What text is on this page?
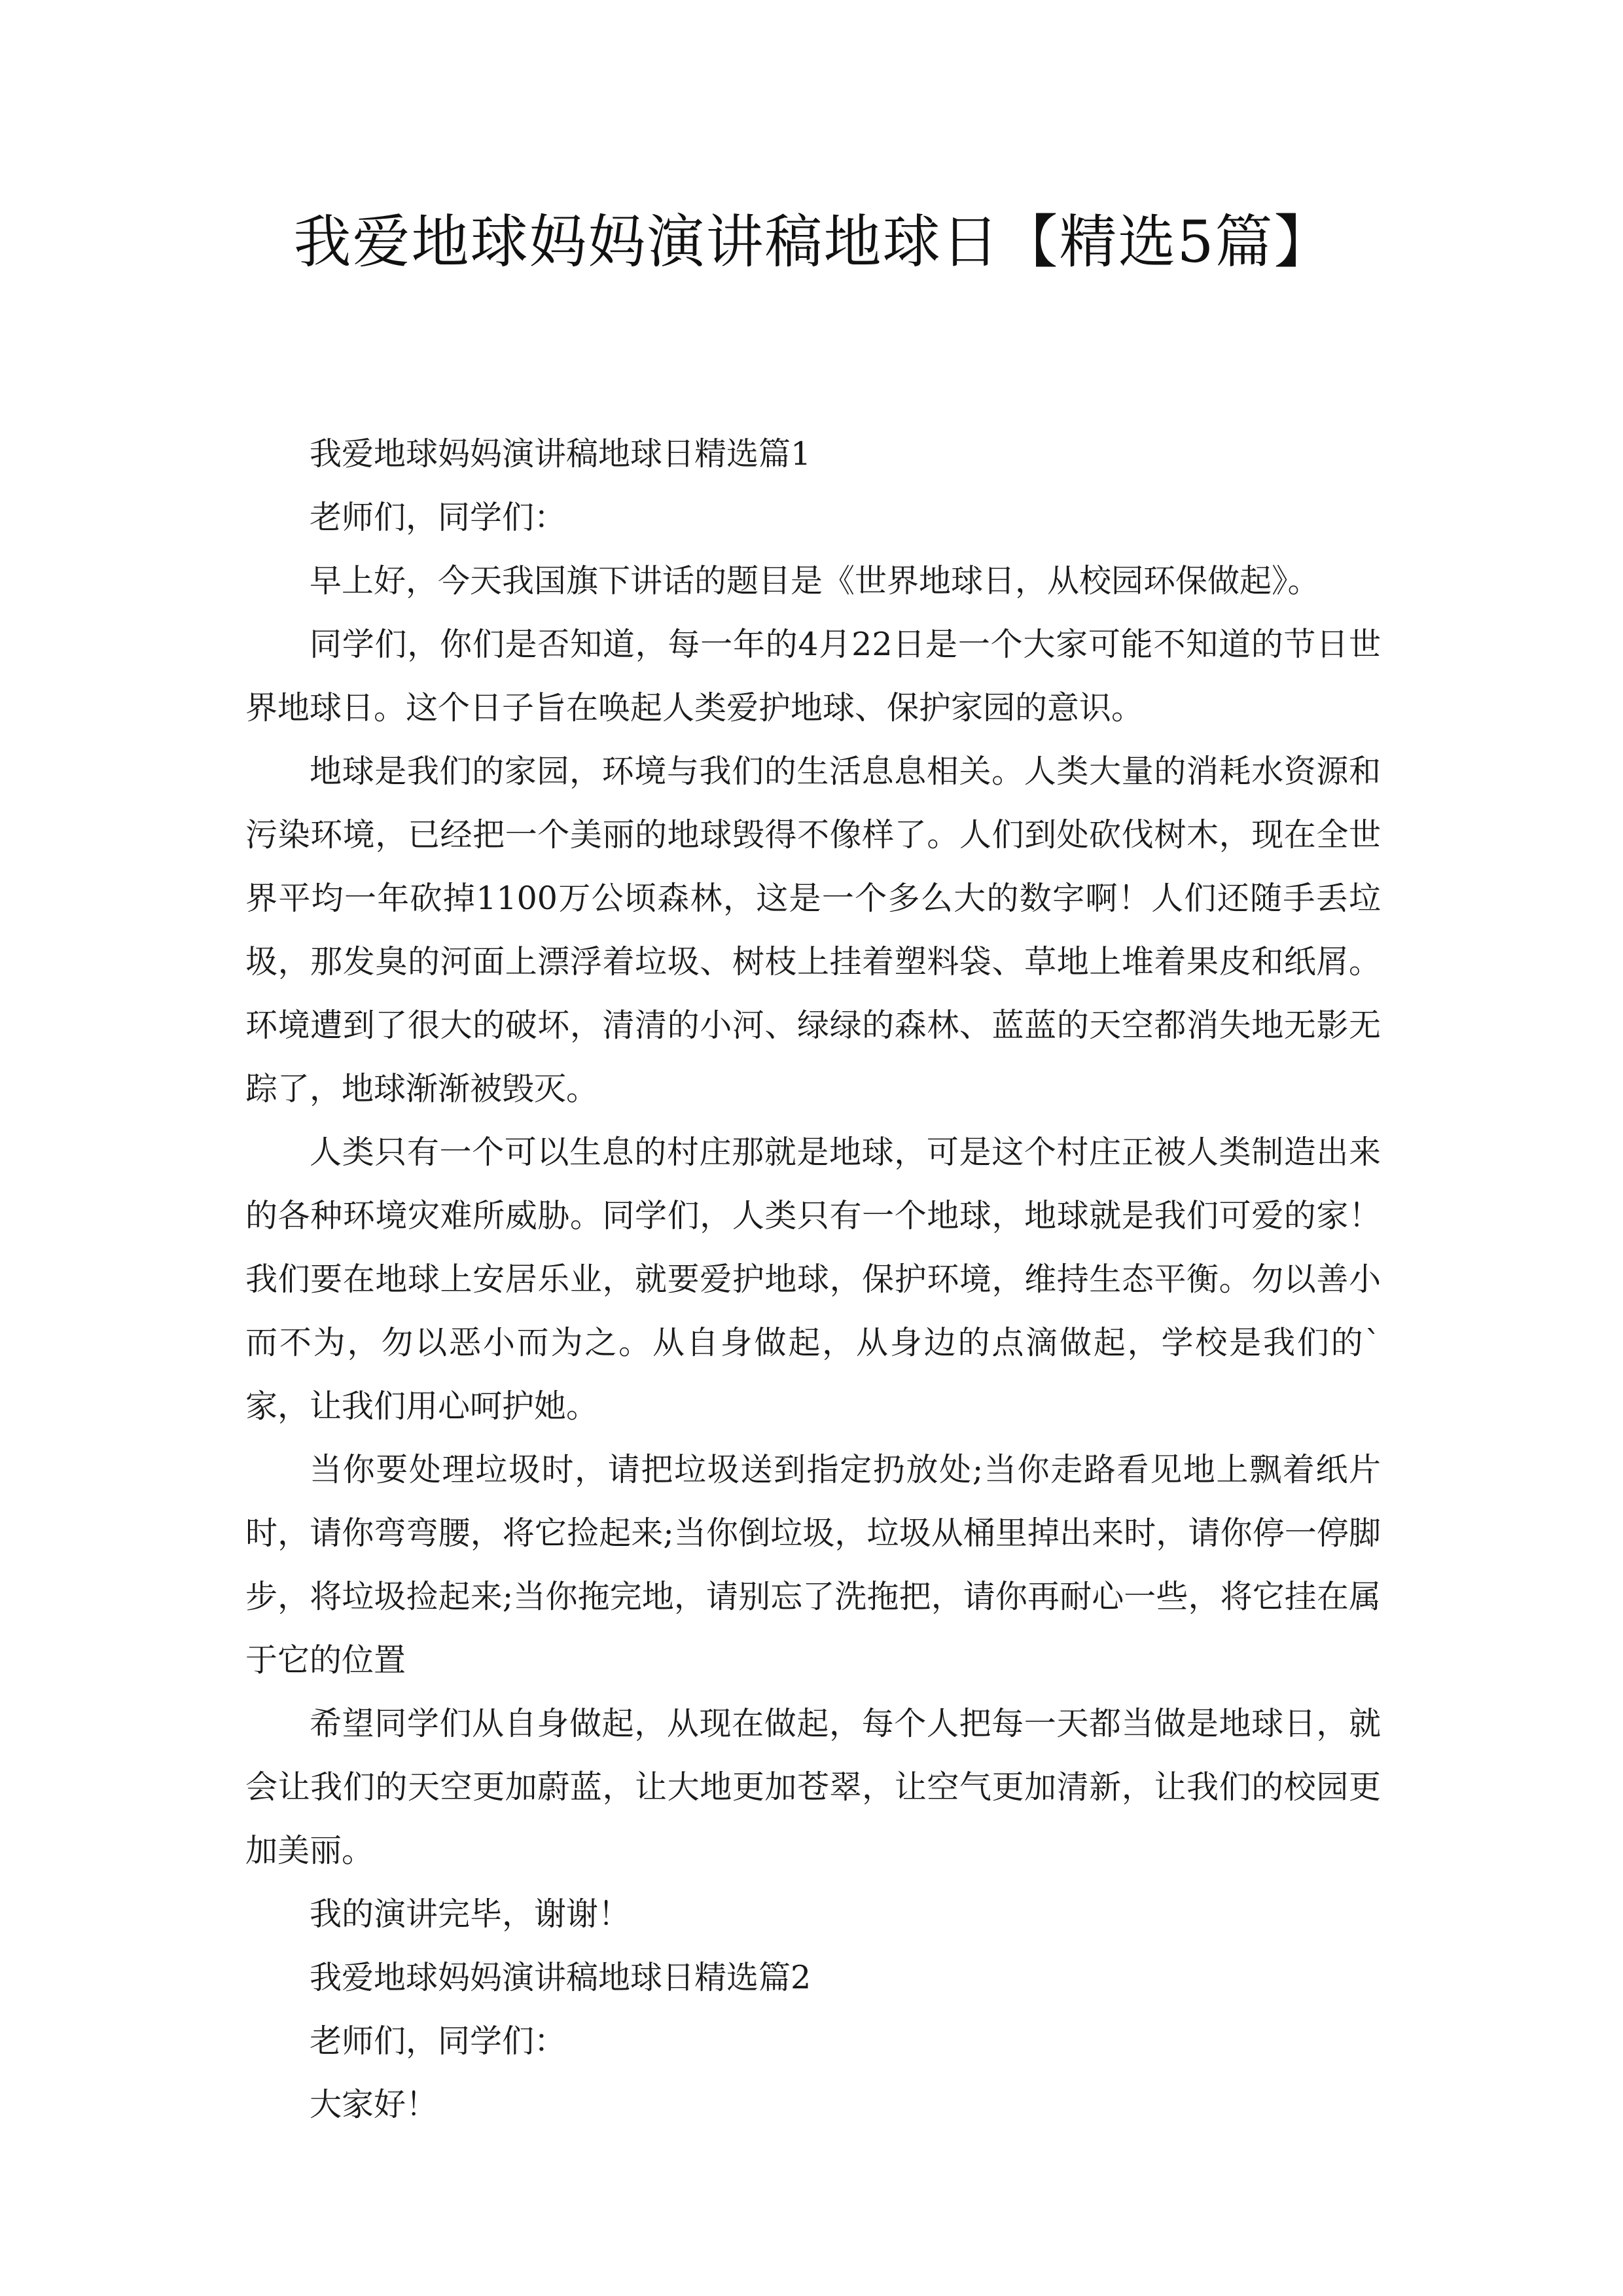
我爱地球妈妈演讲稿地球日【精选5篇】

我爱地球妈妈演讲稿地球日精选篇1

老师们，同学们：

早上好，今天我国旗下讲话的题目是《世界地球日，从校园环保做起》。

同学们，你们是否知道，每一年的4月22日是一个大家可能不知道的节日世界地球日。这个日子旨在唤起人类爱护地球、保护家园的意识。

地球是我们的家园，环境与我们的生活息息相关。人类大量的消耗水资源和污染环境，已经把一个美丽的地球毁得不像样了。人们到处砍伐树木，现在全世界平均一年砍掉1100万公顷森林，这是一个多么大的数字啊！人们还随手丢垃圾，那发臭的河面上漂浮着垃圾、树枝上挂着塑料袋、草地上堆着果皮和纸屑。环境遭到了很大的破坏，清清的小河、绿绿的森林、蓝蓝的天空都消失地无影无踪了，地球渐渐被毁灭。

人类只有一个可以生息的村庄那就是地球，可是这个村庄正被人类制造出来的各种环境灾难所威胁。同学们，人类只有一个地球，地球就是我们可爱的家！我们要在地球上安居乐业，就要爱护地球，保护环境，维持生态平衡。勿以善小而不为，勿以恶小而为之。从自身做起，从身边的点滴做起，学校是我们的`家，让我们用心呵护她。

当你要处理垃圾时，请把垃圾送到指定扔放处;当你走路看见地上飘着纸片时，请你弯弯腰，将它捡起来;当你倒垃圾，垃圾从桶里掉出来时，请你停一停脚步，将垃圾捡起来;当你拖完地，请别忘了洗拖把，请你再耐心一些，将它挂在属于它的位置

希望同学们从自身做起，从现在做起，每个人把每一天都当做是地球日，就会让我们的天空更加蔚蓝，让大地更加苍翠，让空气更加清新，让我们的校园更加美丽。

我的演讲完毕，谢谢！

我爱地球妈妈演讲稿地球日精选篇2

老师们，同学们：

大家好！
